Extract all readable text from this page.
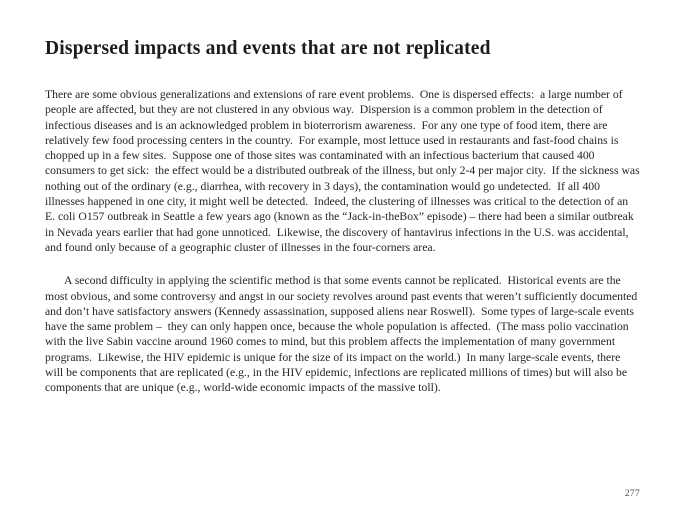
Dispersed impacts and events that are not replicated

There are some obvious generalizations and extensions of rare event problems.  One is dispersed effects:  a large number of people are affected, but they are not clustered in any obvious way.  Dispersion is a common problem in the detection of infectious diseases and is an acknowledged problem in bioterrorism awareness.  For any one type of food item, there are relatively few food processing centers in the country.  For example, most lettuce used in restaurants and fast-food chains is chopped up in a few sites.  Suppose one of those sites was contaminated with an infectious bacterium that caused 400 consumers to get sick:  the effect would be a distributed outbreak of the illness, but only 2-4 per major city.  If the sickness was nothing out of the ordinary (e.g., diarrhea, with recovery in 3 days), the contamination would go undetected.  If all 400 illnesses happened in one city, it might well be detected.  Indeed, the clustering of illnesses was critical to the detection of an E. coli O157 outbreak in Seattle a few years ago (known as the “Jack-in-theBox” episode) – there had been a similar outbreak in Nevada years earlier that had gone unnoticed.  Likewise, the discovery of hantavirus infections in the U.S. was accidental, and found only because of a geographic cluster of illnesses in the four-corners area.

A second difficulty in applying the scientific method is that some events cannot be replicated.  Historical events are the most obvious, and some controversy and angst in our society revolves around past events that weren’t sufficiently documented and don’t have satisfactory answers (Kennedy assassination, supposed aliens near Roswell).  Some types of large-scale events have the same problem –  they can only happen once, because the whole population is affected.  (The mass polio vaccination with the live Sabin vaccine around 1960 comes to mind, but this problem affects the implementation of many government programs.  Likewise, the HIV epidemic is unique for the size of its impact on the world.)  In many large-scale events, there will be components that are replicated (e.g., in the HIV epidemic, infections are replicated millions of times) but will also be components that are unique (e.g., world-wide economic impacts of the massive toll).

277
